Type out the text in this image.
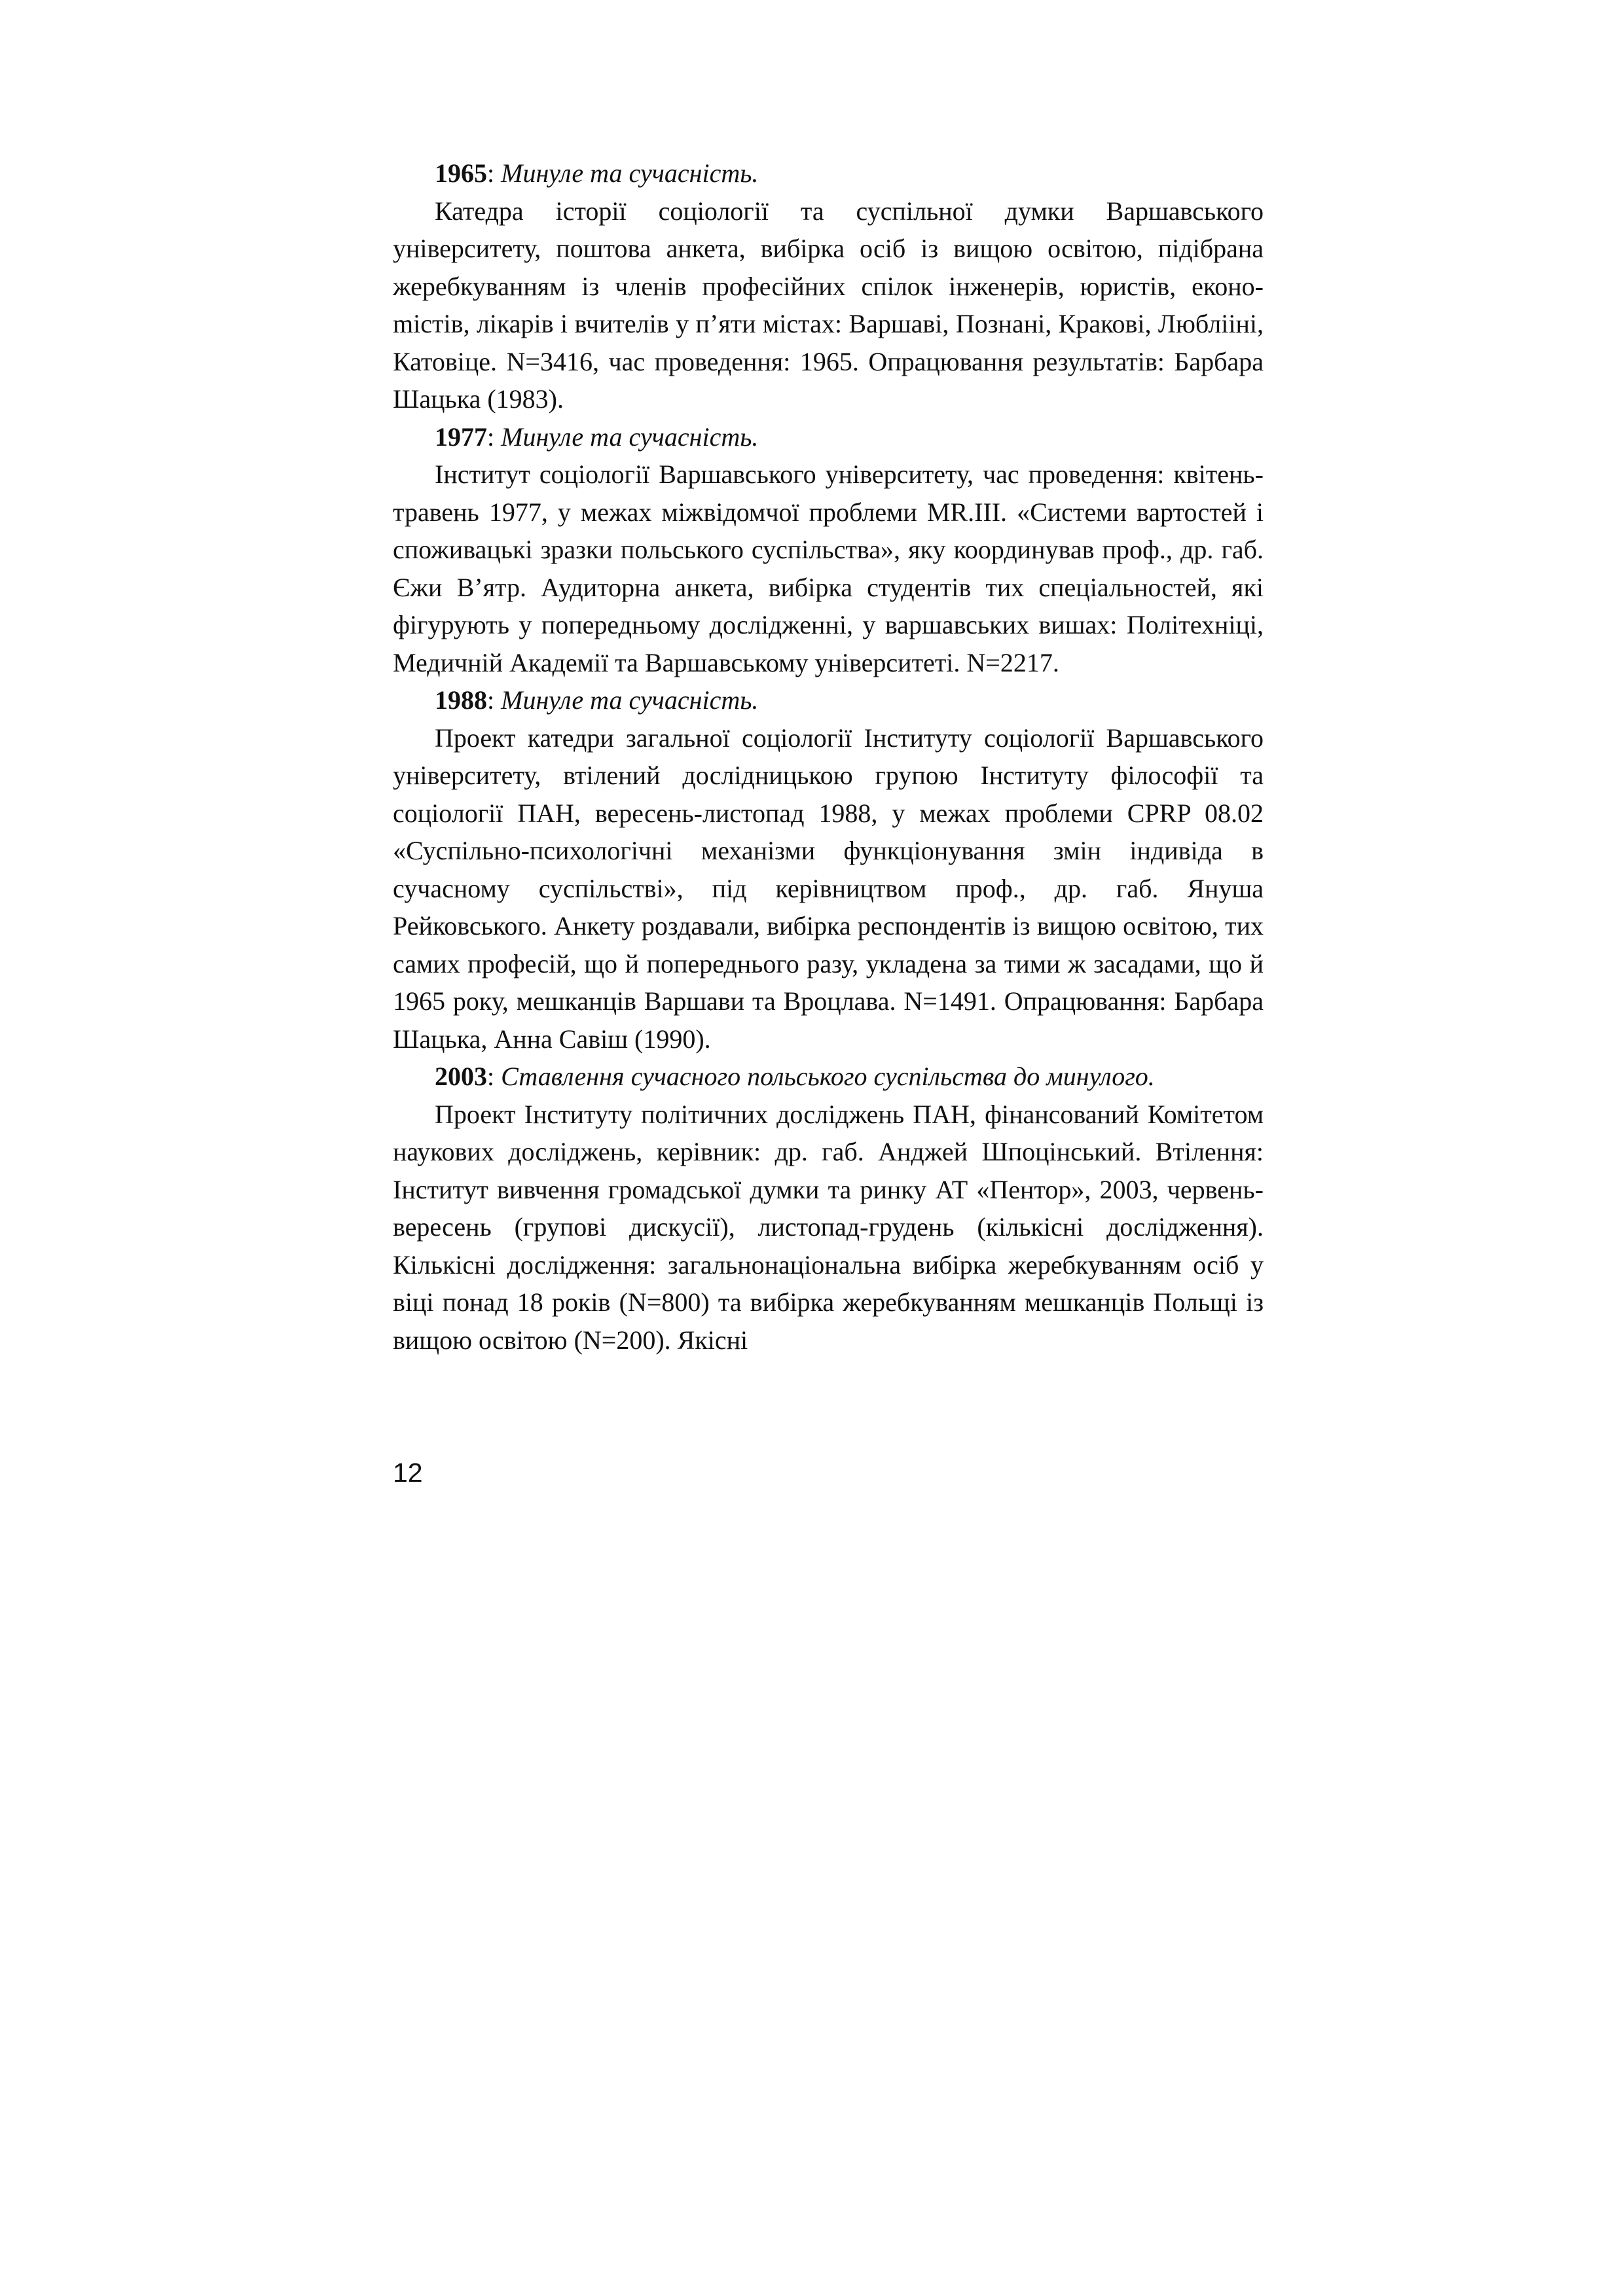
1965: Минуле та сучасність.

Катедра історії соціології та суспільної думки Варшавського університету, поштова анкета, вибірка осіб із вищою освітою, підібрана жеребкуванням із членів професійних спілок інженерів, юристів, еконоmістів, лікарів і вчителів у п’яти містах: Варшаві, Познані, Кракові, Люблііні, Катовіце. N=3416, час проведення: 1965. Опрацювання результатів: Барбара Шацька (1983).

1977: Минуле та сучасність.

Інститут соціології Варшавського університету, час проведення: квітень-травень 1977, у межах міжвідомчої проблеми MR.III. «Системи вартостей і споживацькі зразки польського суспільства», яку координував проф., др. габ. Єжи В’ятр. Аудиторна анкета, вибірка студентів тих спеціальностей, які фігурують у попередньому дослідженні, у варшавських вишах: Політехніці, Медичній Академії та Варшавському університеті. N=2217.

1988: Минуле та сучасність.

Проект катедри загальної соціології Інституту соціології Варшавського університету, втілений дослідницькою групою Інституту філософії та соціології ПАН, вересень-листопад 1988, у межах проблеми CPRP 08.02 «Суспільно-психологічні механізми функціонування змін індивіда в сучасному суспільстві», під керівництвом проф., др. габ. Януша Рейковського. Анкету роздавали, вибірка респондентів із вищою освітою, тих самих професій, що й попереднього разу, укладена за тими ж засадами, що й 1965 року, мешканців Варшави та Вроцлава. N=1491. Опрацювання: Барбара Шацька, Анна Савіш (1990).

2003: Ставлення сучасного польського суспільства до минулого.

Проект Інституту політичних досліджень ПАН, фінансований Комітетом наукових досліджень, керівник: др. габ. Анджей Шпоцінський. Втілення: Інститут вивчення громадської думки та ринку АТ «Пентор», 2003, червень-вересень (групові дискусії), листопад-грудень (кількісні дослідження). Кількісні дослідження: загальнонаціональна вибірка жеребкуванням осіб у віці понад 18 років (N=800) та вибірка жеребкуванням мешканців Польщі із вищою освітою (N=200). Якісні

12
